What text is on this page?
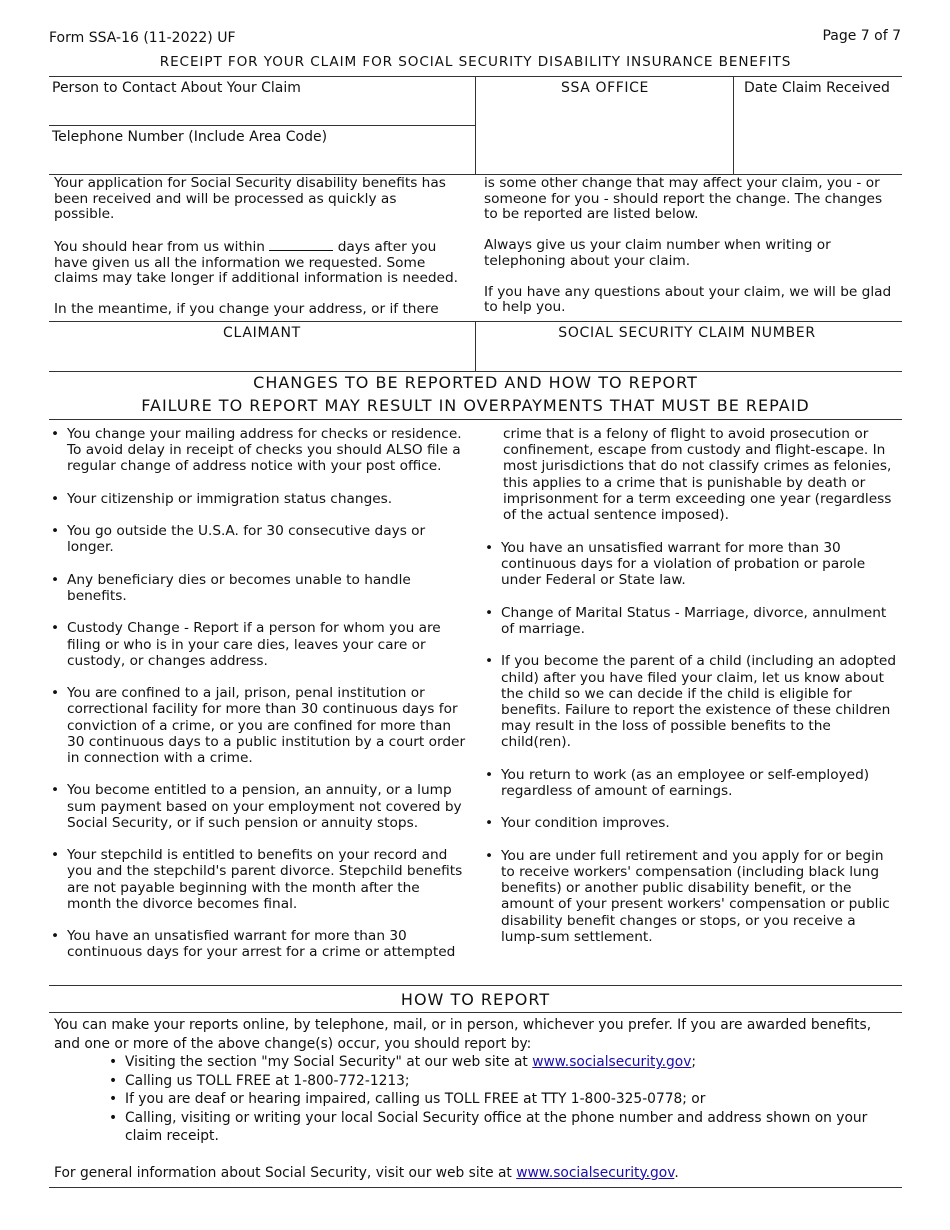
Form SSA-16 (11-2022) UF	Page 7 of 7
RECEIPT FOR YOUR CLAIM FOR SOCIAL SECURITY DISABILITY INSURANCE BENEFITS
Person to Contact About Your Claim
Telephone Number (Include Area Code)
SSA OFFICE	Date Claim Received

Your application for Social Security disability benefits has been received and will be processed as quickly as possible.

You should hear from us within	days after you have given us all the information we requested. Some claims may take longer if additional information is needed.

In the meantime, if you change your address, or if there

is some other change that may affect your claim, you - or someone for you - should report the change. The changes to be reported are listed below.

Always give us your claim number when writing or telephoning about your claim.

If you have any questions about your claim, we will be glad to help you.

CLAIMANT	SOCIAL SECURITY CLAIM NUMBER
CHANGES TO BE REPORTED AND HOW TO REPORT
FAILURE TO REPORT MAY RESULT IN OVERPAYMENTS THAT MUST BE REPAID
• You change your mailing address for checks or residence. To avoid delay in receipt of checks you should ALSO file a regular change of address notice with your post office.
• Your citizenship or immigration status changes.
• You go outside the U.S.A. for 30 consecutive days or longer.
• Any beneficiary dies or becomes unable to handle benefits.
• Custody Change - Report if a person for whom you are filing or who is in your care dies, leaves your care or custody, or changes address.
• You are confined to a jail, prison, penal institution or correctional facility for more than 30 continuous days for conviction of a crime, or you are confined for more than 30 continuous days to a public institution by a court order in connection with a crime.
• You become entitled to a pension, an annuity, or a lump sum payment based on your employment not covered by Social Security, or if such pension or annuity stops.
• Your stepchild is entitled to benefits on your record and you and the stepchild's parent divorce. Stepchild benefits are not payable beginning with the month after the month the divorce becomes final.
• You have an unsatisfied warrant for more than 30 continuous days for your arrest for a crime or attempted

crime that is a felony of flight to avoid prosecution or confinement, escape from custody and flight-escape. In most jurisdictions that do not classify crimes as felonies, this applies to a crime that is punishable by death or imprisonment for a term exceeding one year (regardless of the actual sentence imposed).

• You have an unsatisfied warrant for more than 30 continuous days for a violation of probation or parole under Federal or State law.
• Change of Marital Status - Marriage, divorce, annulment of marriage.
• If you become the parent of a child (including an adopted child) after you have filed your claim, let us know about the child so we can decide if the child is eligible for benefits. Failure to report the existence of these children may result in the loss of possible benefits to the child(ren).
• You return to work (as an employee or self-employed) regardless of amount of earnings.
• Your condition improves.
• You are under full retirement and you apply for or begin to receive workers' compensation (including black lung benefits) or another public disability benefit, or the amount of your present workers' compensation or public disability benefit changes or stops, or you receive a lump-sum settlement.
HOW TO REPORT

You can make your reports online, by telephone, mail, or in person, whichever you prefer. If you are awarded benefits, and one or more of the above change(s) occur, you should report by:

• Visiting the section "my Social Security" at our web site at www.socialsecurity.gov;
• Calling us TOLL FREE at 1-800-772-1213;
• If you are deaf or hearing impaired, calling us TOLL FREE at TTY 1-800-325-0778; or
• Calling, visiting or writing your local Social Security office at the phone number and address shown on your claim receipt.

For general information about Social Security, visit our web site at www.socialsecurity.gov.
